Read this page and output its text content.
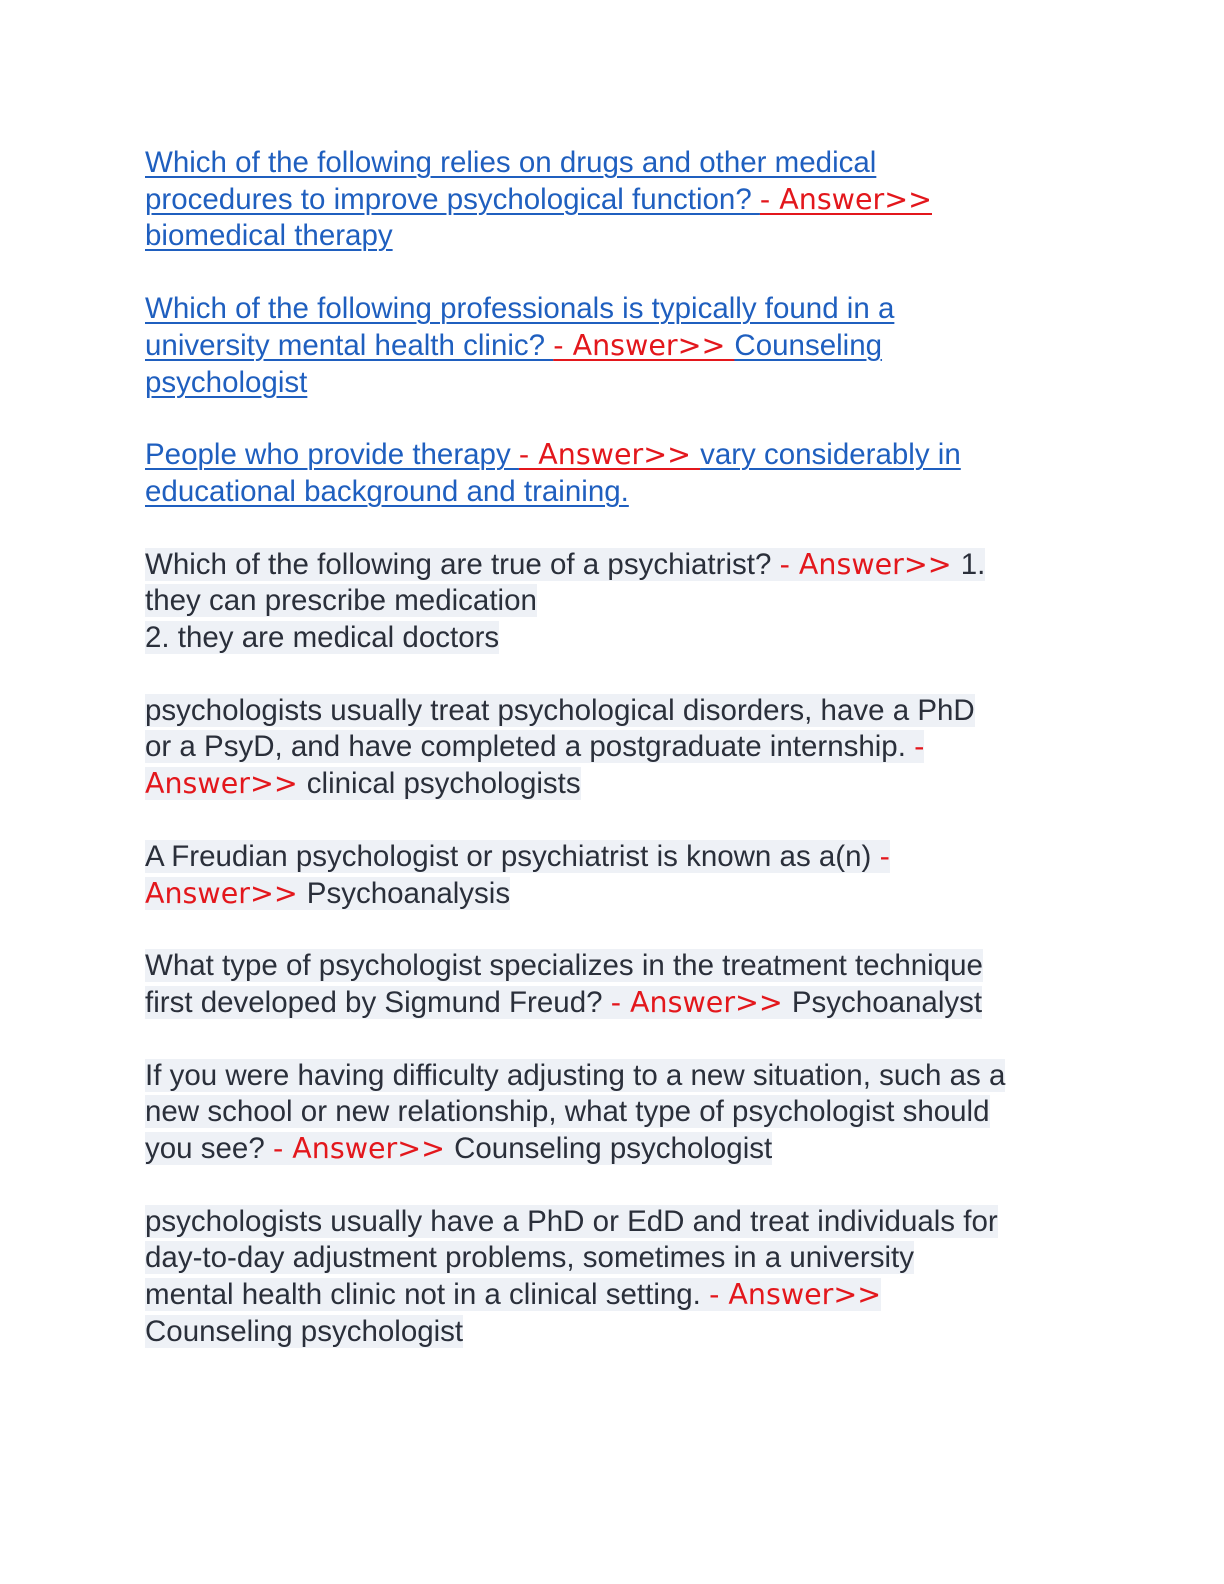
Which of the following relies on drugs and other medical
procedures to improve psychological function? - Answer>>
biomedical therapy
Which of the following professionals is typically found in a
university mental health clinic? - Answer>> Counseling
psychologist
People who provide therapy - Answer>> vary considerably in
educational background and training.
Which of the following are true of a psychiatrist? - Answer>> 1.
they can prescribe medication
2. they are medical doctors
psychologists usually treat psychological disorders, have a PhD
or a PsyD, and have completed a postgraduate internship. -
Answer>> clinical psychologists
A Freudian psychologist or psychiatrist is known as a(n) -
Answer>> Psychoanalysis
What type of psychologist specializes in the treatment technique
first developed by Sigmund Freud? - Answer>> Psychoanalyst
If you were having difficulty adjusting to a new situation, such as a
new school or new relationship, what type of psychologist should
you see? - Answer>> Counseling psychologist
psychologists usually have a PhD or EdD and treat individuals for
day-to-day adjustment problems, sometimes in a university
mental health clinic not in a clinical setting. - Answer>>
Counseling psychologist
